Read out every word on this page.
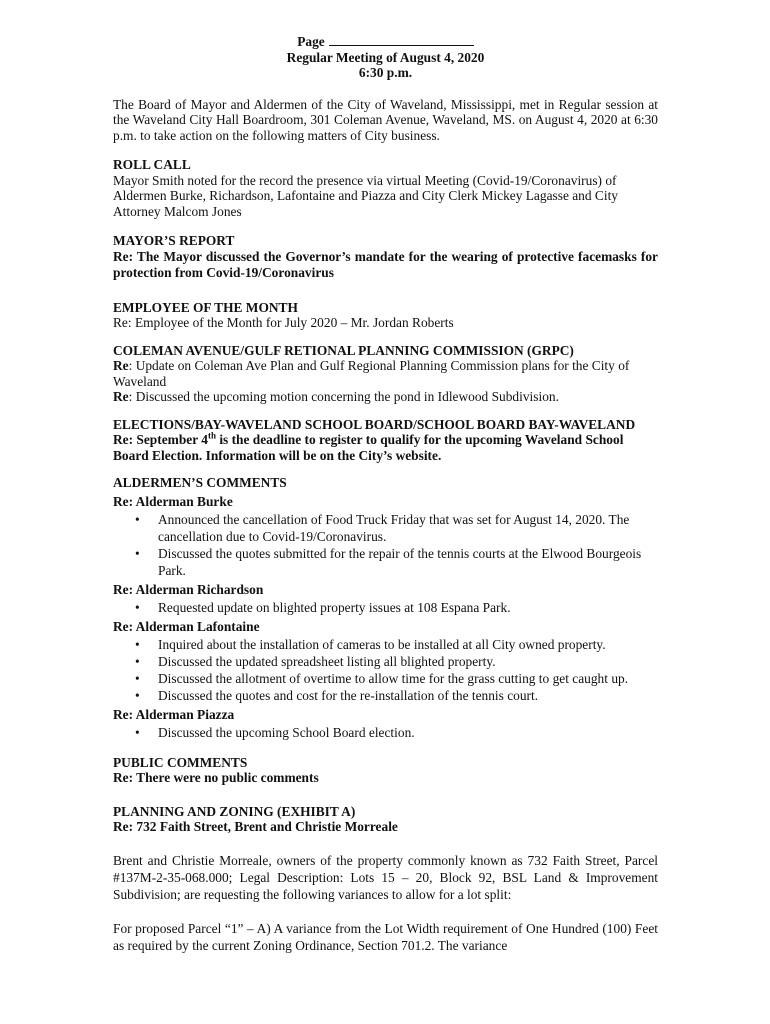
Page
Regular Meeting of August 4, 2020
6:30 p.m.

The Board of Mayor and Aldermen of the City of Waveland, Mississippi, met in Regular session at the Waveland City Hall Boardroom, 301 Coleman Avenue, Waveland, MS. on August 4, 2020 at 6:30 p.m. to take action on the following matters of City business.

ROLL CALL

Mayor Smith noted for the record the presence via virtual Meeting (Covid-19/Coronavirus) of Aldermen Burke, Richardson, Lafontaine and Piazza and City Clerk Mickey Lagasse and City Attorney Malcom Jones

MAYOR’S REPORT

Re: The Mayor discussed the Governor’s mandate for the wearing of protective facemasks for protection from Covid-19/Coronavirus

EMPLOYEE OF THE MONTH

Re: Employee of the Month for July 2020 – Mr. Jordan Roberts

COLEMAN AVENUE/GULF RETIONAL PLANNING COMMISSION (GRPC)

Re: Update on Coleman Ave Plan and Gulf Regional Planning Commission plans for the City of Waveland

Re: Discussed the upcoming motion concerning the pond in Idlewood Subdivision.

ELECTIONS/BAY-WAVELAND SCHOOL BOARD/SCHOOL BOARD BAY-WAVELAND

Re: September 4th is the deadline to register to qualify for the upcoming Waveland School Board Election. Information will be on the City’s website.

ALDERMEN’S COMMENTS

Re: Alderman Burke

• Announced the cancellation of Food Truck Friday that was set for August 14, 2020. The cancellation due to Covid-19/Coronavirus.
• Discussed the quotes submitted for the repair of the tennis courts at the Elwood Bourgeois Park.

Re: Alderman Richardson

• Requested update on blighted property issues at 108 Espana Park.

Re: Alderman Lafontaine

• Inquired about the installation of cameras to be installed at all City owned property.
• Discussed the updated spreadsheet listing all blighted property.
• Discussed the allotment of overtime to allow time for the grass cutting to get caught up.
• Discussed the quotes and cost for the re-installation of the tennis court.

Re: Alderman Piazza

• Discussed the upcoming School Board election.

PUBLIC COMMENTS

Re: There were no public comments

PLANNING AND ZONING (EXHIBIT A)

Re: 732 Faith Street, Brent and Christie Morreale

Brent and Christie Morreale, owners of the property commonly known as 732 Faith Street, Parcel #137M-2-35-068.000; Legal Description: Lots 15 – 20, Block 92, BSL Land & Improvement Subdivision; are requesting the following variances to allow for a lot split:

For proposed Parcel “1” – A) A variance from the Lot Width requirement of One Hundred (100) Feet as required by the current Zoning Ordinance, Section 701.2. The variance
